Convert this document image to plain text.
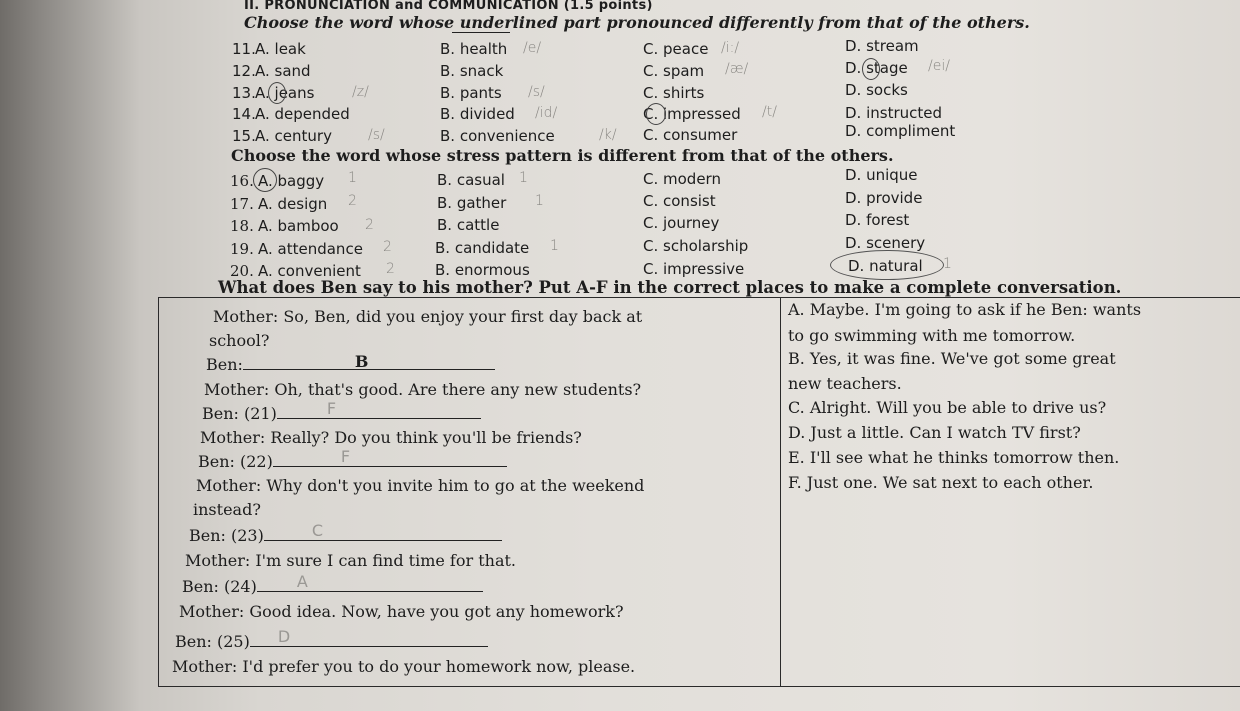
II. PRONUNCIATION and COMMUNICATION (1.5 points)
Choose the word whose underlined part pronounced differently from that of the others.
11. A. leak	B. health /e/	C. peace /i:/	D. stream
12. A. sand	B. snack	C. spam /æ/	D. stage /ei/
13. A. jeans	/z/	B. pants /s/	C. shirts	D. socks
14. A. depended	B. divided /id/	C. impressed /t/	D. instructed
15. A. century	/s/	B. convenience	/k/ C. consumer	D. compliment
Choose the word whose stress pattern is different from that of the others.
16. A. baggy 1	B. casual 1	C. modern	D. unique
17. A. design 2	B. gather 1	C. consist	D. provide
18. A. bamboo 2	B. cattle	C. journey	D. forest
19. A. attendance 2	B. candidate 1	C. scholarship	D. scenery
20. A. convenient 2	B. enormous	C. impressive	D. natural 1
What does Ben say to his mother? Put A-F in the correct places to make a complete conversation.
Mother: So, Ben, did you enjoy your first day back at
school?
Ben:	B
Mother: Oh, that's good. Are there any new students?
Ben: (21)	F
Mother: Really? Do you think you'll be friends?
Ben: (22)	F
Mother: Why don't you invite him to go at the weekend
instead?
Ben: (23)	C
Mother: I'm sure I can find time for that.
Ben: (24)	A
Mother: Good idea. Now, have you got any homework?
Ben: (25) D
Mother: I'd prefer you to do your homework now, please.
A. Maybe. I'm going to ask if he Ben: wants
to go swimming with me tomorrow.
B. Yes, it was fine. We've got some great
new teachers.
C. Alright. Will you be able to drive us?
D. Just a little. Can I watch TV first?
E. I'll see what he thinks tomorrow then.
F. Just one. We sat next to each other.
